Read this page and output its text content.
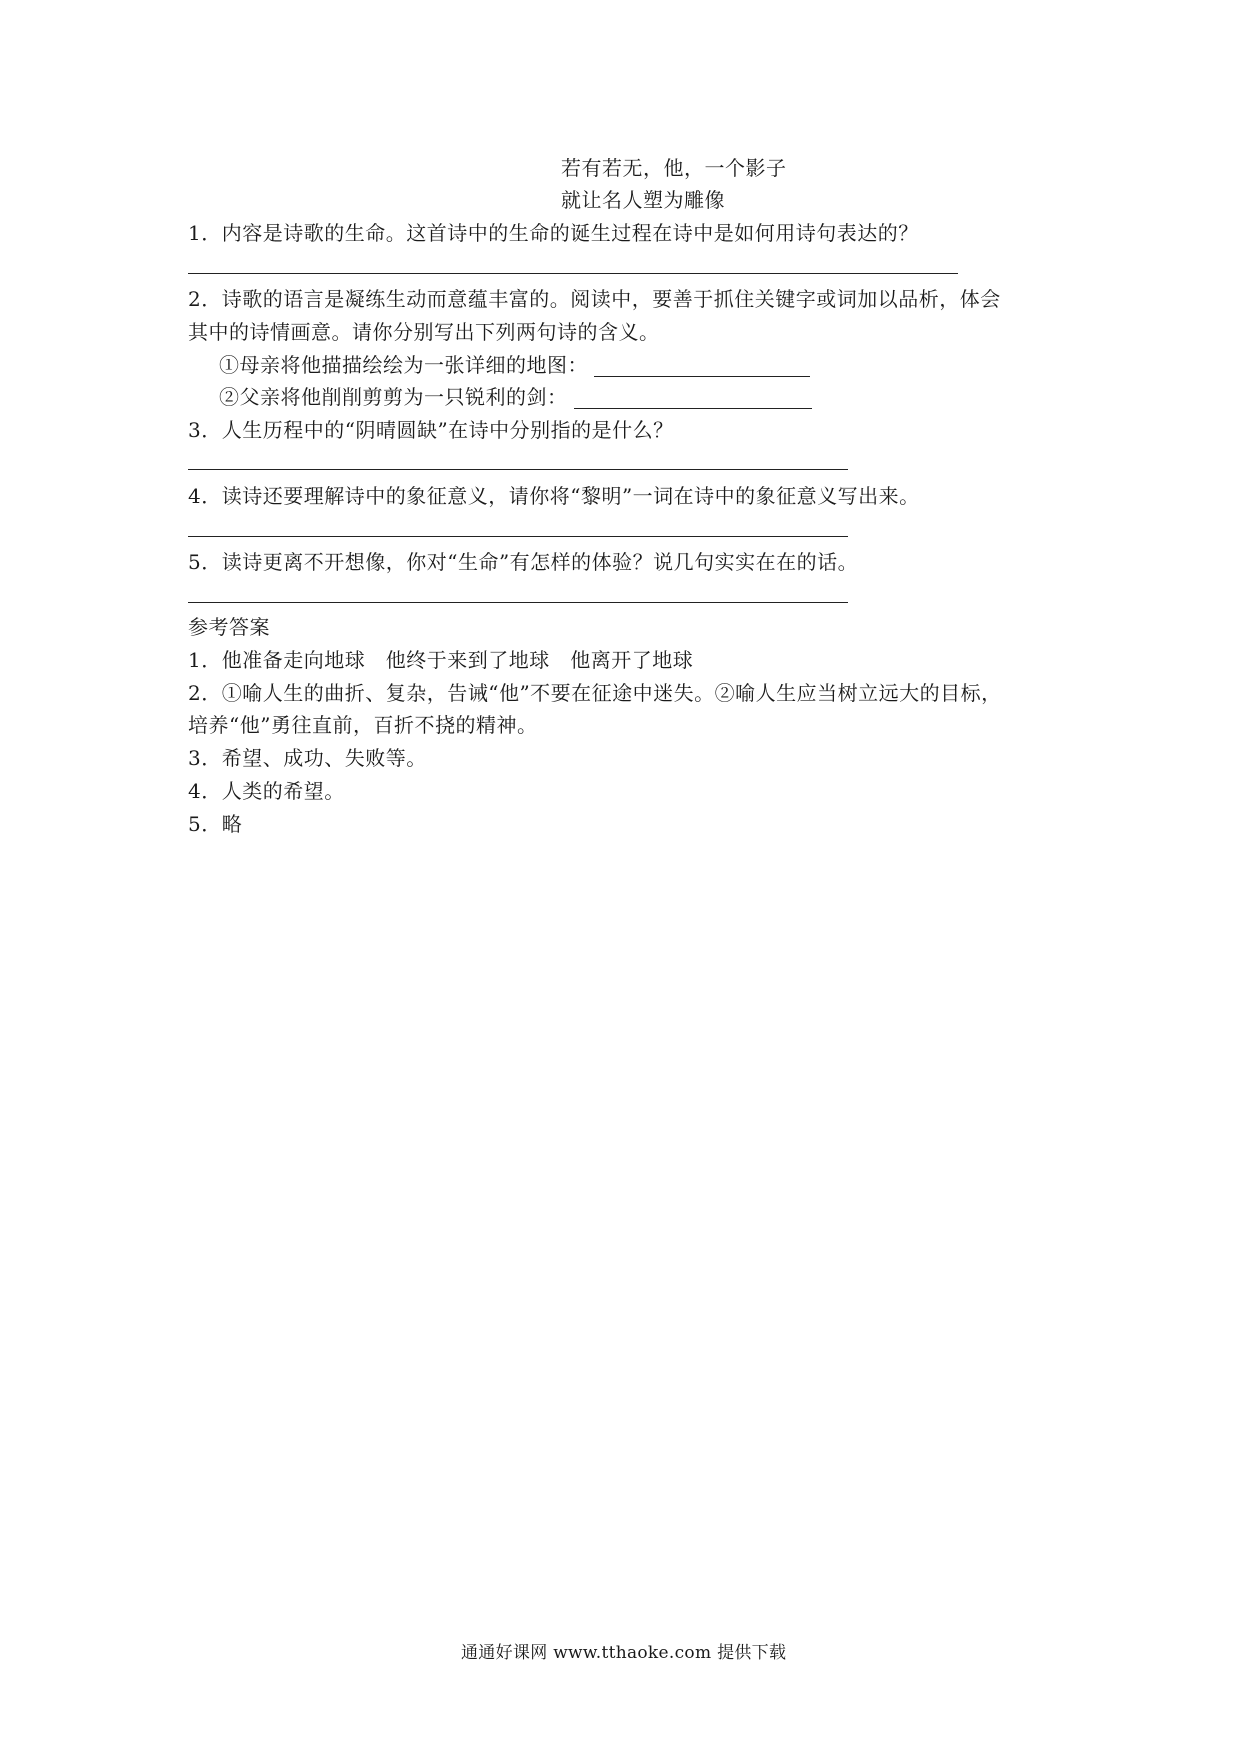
若有若无，他，一个影子
就让名人塑为雕像
1．内容是诗歌的生命。这首诗中的生命的诞生过程在诗中是如何用诗句表达的？
2．诗歌的语言是凝练生动而意蕴丰富的。阅读中，要善于抓住关键字或词加以品析，体会
其中的诗情画意。请你分别写出下列两句诗的含义。
①母亲将他描描绘绘为一张详细的地图：
②父亲将他削削剪剪为一只锐利的剑：
3．人生历程中的“阴晴圆缺”在诗中分别指的是什么？
4．读诗还要理解诗中的象征意义，请你将“黎明”一词在诗中的象征意义写出来。
5．读诗更离不开想像，你对“生命”有怎样的体验？说几句实实在在的话。
参考答案
1．他准备走向地球　他终于来到了地球　他离开了地球
2．①喻人生的曲折、复杂，告诫“他”不要在征途中迷失。②喻人生应当树立远大的目标，
培养“他”勇往直前，百折不挠的精神。
3．希望、成功、失败等。
4．人类的希望。
5．略
通通好课网 www.tthaoke.com 提供下载
